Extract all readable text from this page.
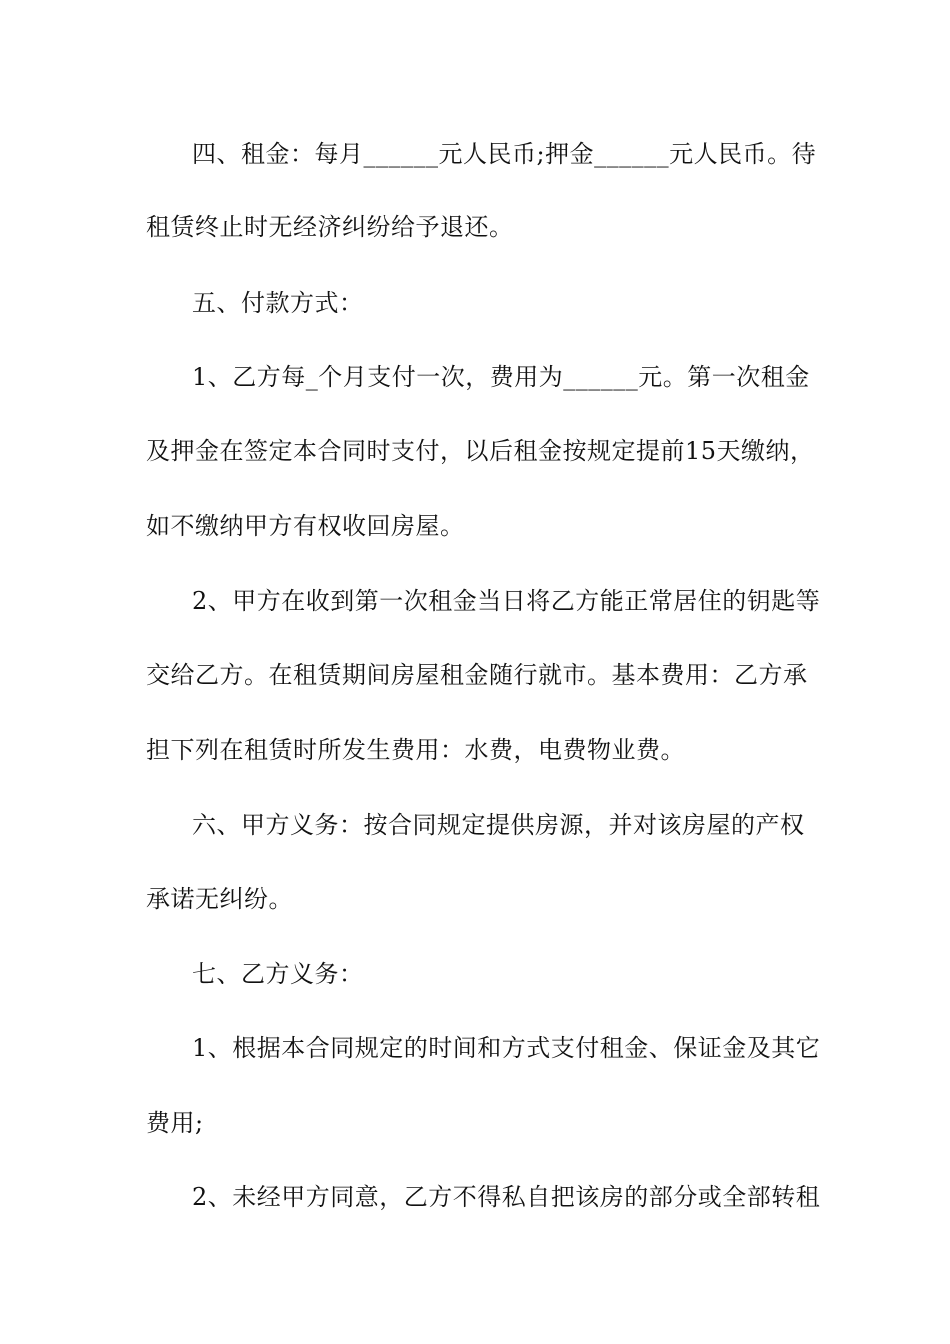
四、租金：每月______元人民币;押金______元人民币。待
租赁终止时无经济纠纷给予退还。
五、付款方式：
1、乙方每_个月支付一次，费用为______元。第一次租金
及押金在签定本合同时支付，以后租金按规定提前15天缴纳，
如不缴纳甲方有权收回房屋。
2、甲方在收到第一次租金当日将乙方能正常居住的钥匙等
交给乙方。在租赁期间房屋租金随行就市。基本费用：乙方承
担下列在租赁时所发生费用：水费，电费物业费。
六、甲方义务：按合同规定提供房源，并对该房屋的产权
承诺无纠纷。
七、乙方义务：
1、根据本合同规定的时间和方式支付租金、保证金及其它
费用;
2、未经甲方同意，乙方不得私自把该房的部分或全部转租
